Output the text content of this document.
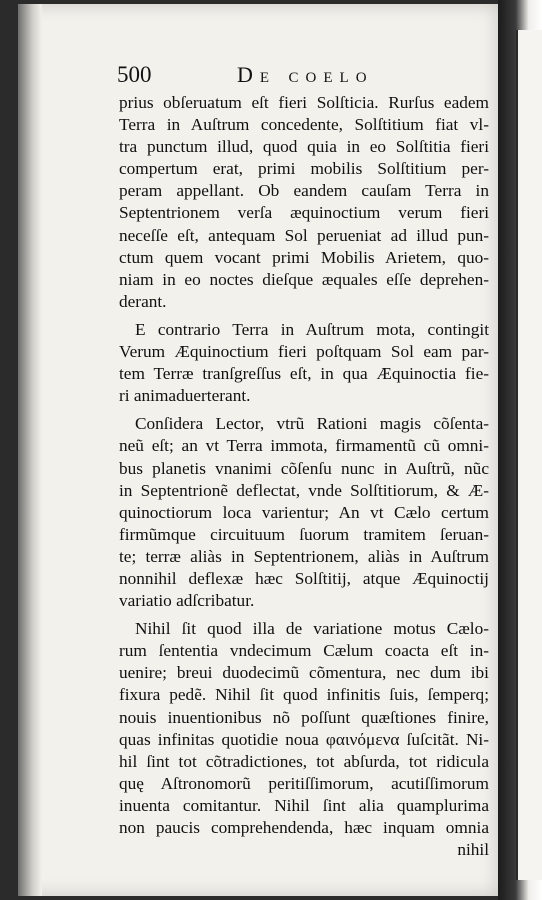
500	De coelo
prius obſeruatum eſt fieri Solſticia. Rurſus eadem
Terra in Auſtrum concedente, Solſtitium fiat vl-
tra punctum illud, quod quia in eo Solſtitia fieri
compertum erat, primi mobilis Solſtitium per-
peram appellant. Ob eandem cauſam Terra in
Septentrionem verſa æquinoctium verum fieri
neceſſe eſt, antequam Sol perueniat ad illud pun-
ctum quem vocant primi Mobilis Arietem, quo-
niam in eo noctes dieſque æquales eſſe deprehen-
derant.
E contrario Terra in Auſtrum mota, contingit
Verum Æquinoctium fieri poſtquam Sol eam par-
tem Terræ tranſgreſſus eſt, in qua Æquinoctia fie-
ri animaduerterant.
Conſidera Lector, vtrũ Rationi magis cõſenta-
neũ eſt; an vt Terra immota, firmamentũ cũ omni-
bus planetis vnanimi cõſenſu nunc in Auſtrũ, nũc
in Septentrionẽ deflectat, vnde Solſtitiorum, & Æ-
quinoctiorum loca varientur; An vt Cælo certum
firmũmque circuituum ſuorum tramitem ſeruan-
te; terræ aliàs in Septentrionem, aliàs in Auſtrum
nonnihil deflexæ hæc Solſtitij, atque Æquinoctij
variatio adſcribatur.
Nihil ſit quod illa de variatione motus Cælo-
rum ſententia vndecimum Cælum coacta eſt in-
uenire; breui duodecimũ cõmentura, nec dum ibi
fixura pedẽ. Nihil ſit quod infinitis ſuis, ſemperq;
nouis inuentionibus nõ poſſunt quæſtiones finire,
quas infinitas quotidie noua φαινόμενα ſuſcitãt. Ni-
hil ſint tot cõtradictiones, tot abſurda, tot ridicula
quę Aſtronomorũ peritiſſimorum, acutiſſimorum
inuenta comitantur. Nihil ſint alia quamplurima
non paucis comprehendenda, hæc inquam omnia
nihil
